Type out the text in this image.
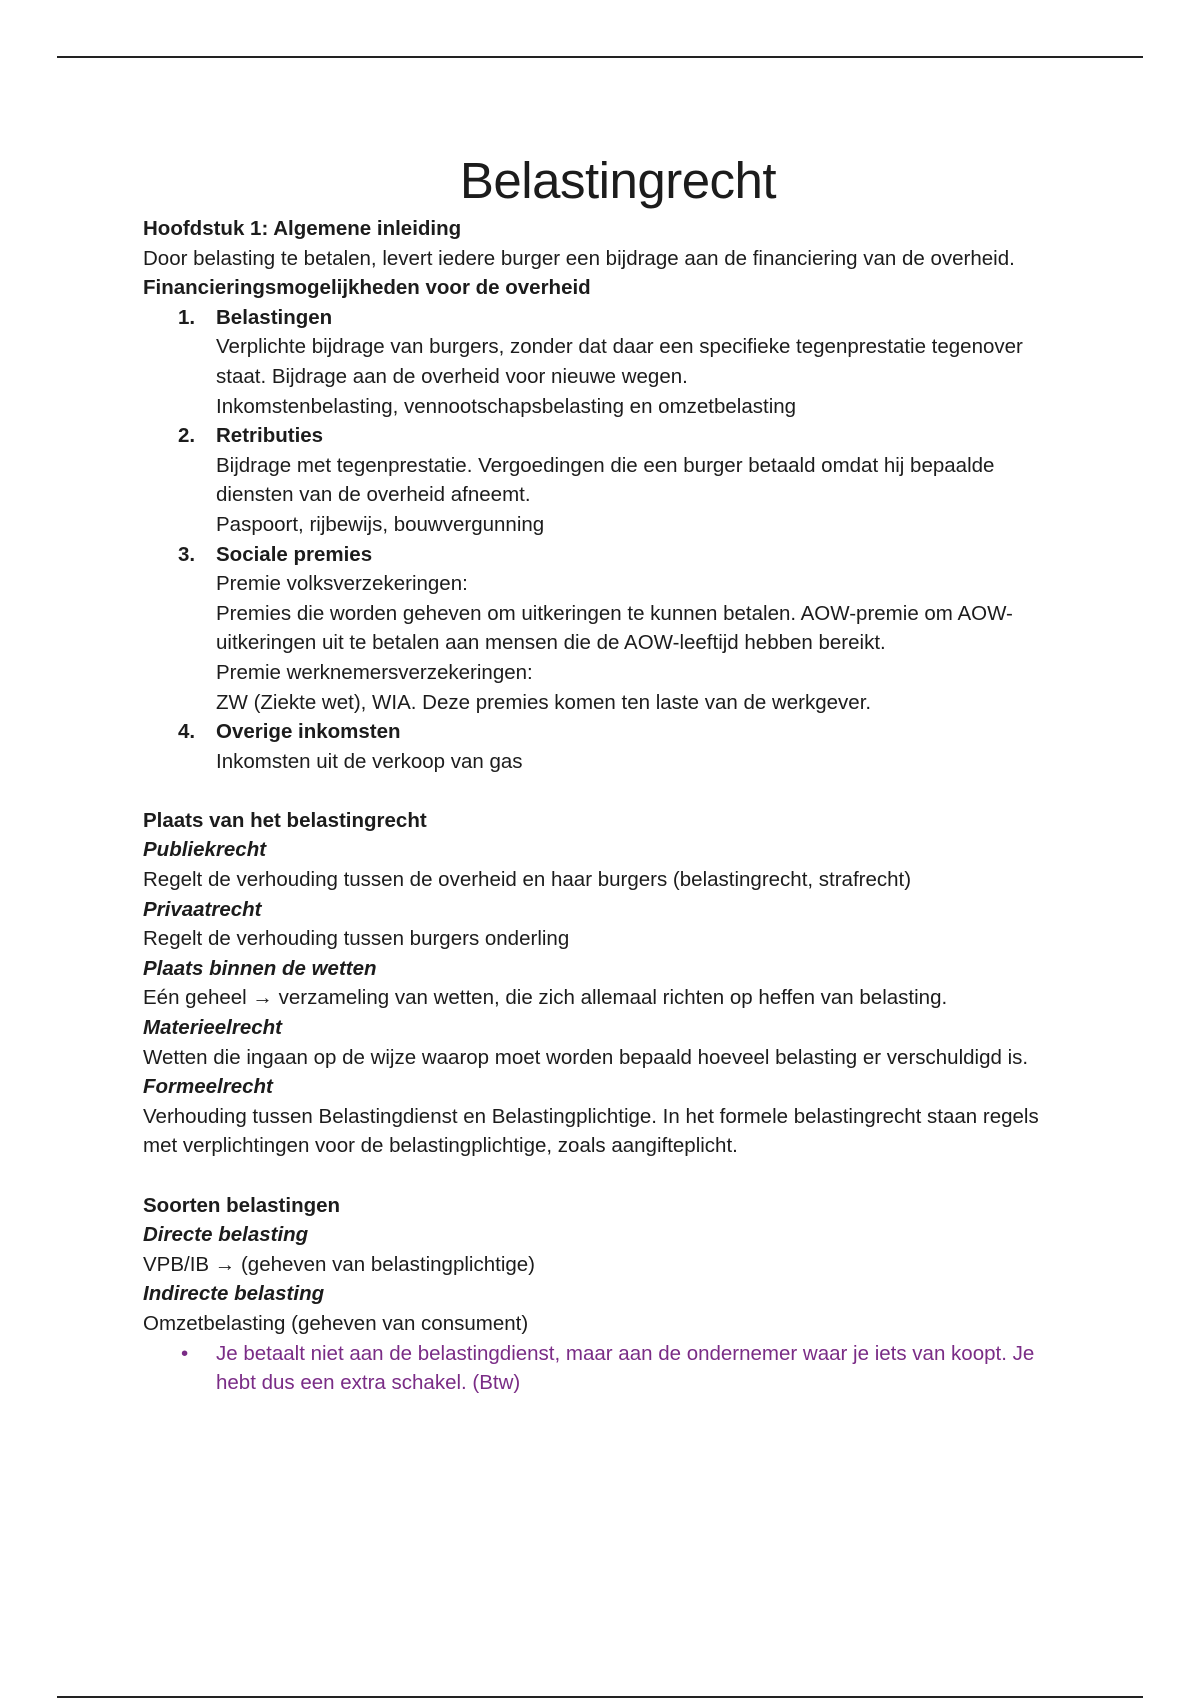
Belastingrecht

Hoofdstuk 1: Algemene inleiding

Door belasting te betalen, levert iedere burger een bijdrage aan de financiering van de overheid.

Financieringsmogelijkheden voor de overheid

1. Belastingen

Verplichte bijdrage van burgers, zonder dat daar een specifieke tegenprestatie tegenover staat. Bijdrage aan de overheid voor nieuwe wegen.

Inkomstenbelasting, vennootschapsbelasting en omzetbelasting

2. Retributies

Bijdrage met tegenprestatie. Vergoedingen die een burger betaald omdat hij bepaalde diensten van de overheid afneemt.

Paspoort, rijbewijs, bouwvergunning

3. Sociale premies

Premie volksverzekeringen:

Premies die worden geheven om uitkeringen te kunnen betalen. AOW-premie om AOW-uitkeringen uit te betalen aan mensen die de AOW-leeftijd hebben bereikt.

Premie werknemersverzekeringen:

ZW (Ziekte wet), WIA. Deze premies komen ten laste van de werkgever.

4. Overige inkomsten

Inkomsten uit de verkoop van gas

Plaats van het belastingrecht

Publiekrecht

Regelt de verhouding tussen de overheid en haar burgers (belastingrecht, strafrecht)

Privaatrecht

Regelt de verhouding tussen burgers onderling

Plaats binnen de wetten

Eén geheel → verzameling van wetten, die zich allemaal richten op heffen van belasting.

Materieelrecht

Wetten die ingaan op de wijze waarop moet worden bepaald hoeveel belasting er verschuldigd is.

Formeelrecht

Verhouding tussen Belastingdienst en Belastingplichtige. In het formele belastingrecht staan regels met verplichtingen voor de belastingplichtige, zoals aangifteplicht.

Soorten belastingen

Directe belasting

VPB/IB → (geheven van belastingplichtige)

Indirecte belasting

Omzetbelasting (geheven van consument)

• Je betaalt niet aan de belastingdienst, maar aan de ondernemer waar je iets van koopt. Je hebt dus een extra schakel. (Btw)
